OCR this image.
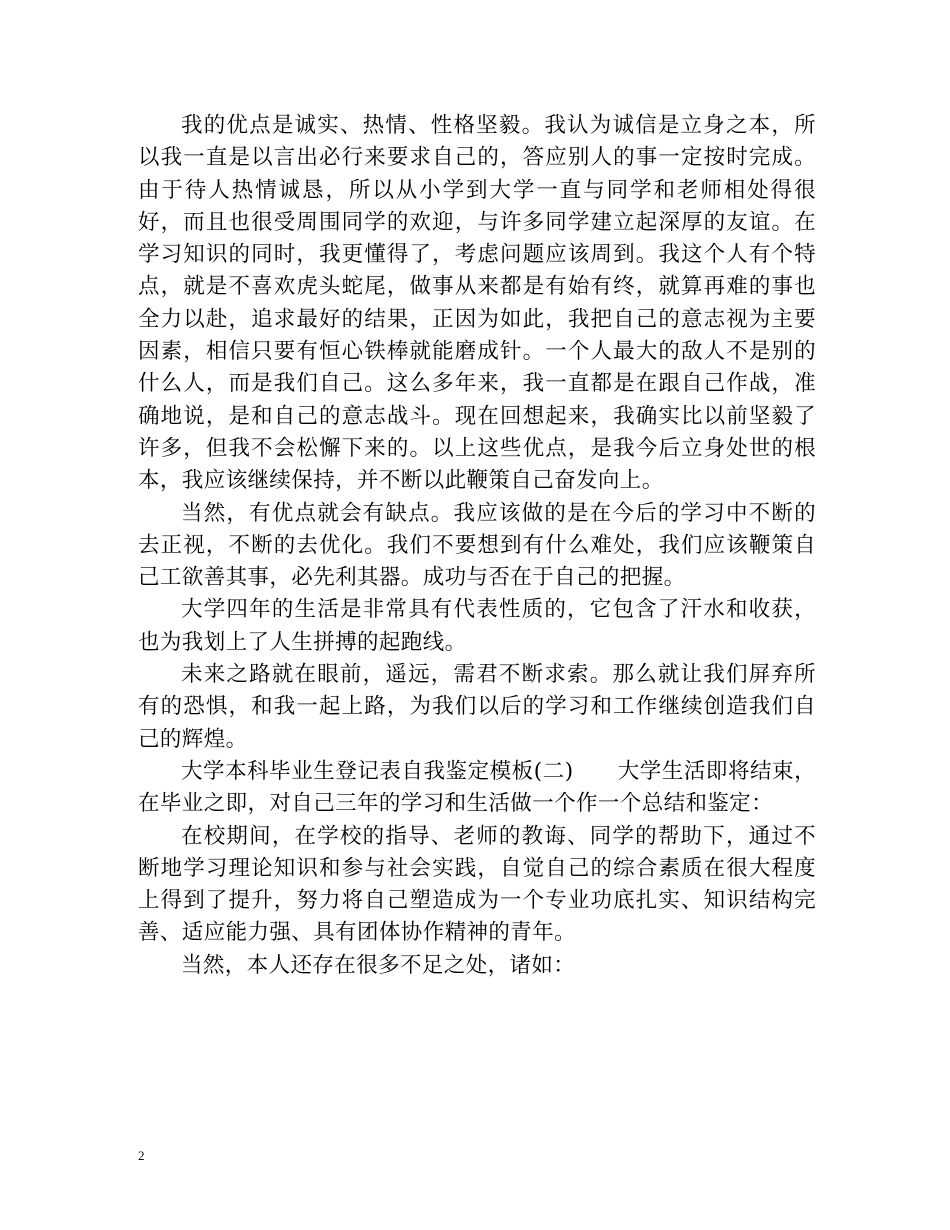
我的优点是诚实、热情、性格坚毅。我认为诚信是立身之本，所以我一直是以言出必行来要求自己的，答应别人的事一定按时完成。由于待人热情诚恳，所以从小学到大学一直与同学和老师相处得很好，而且也很受周围同学的欢迎，与许多同学建立起深厚的友谊。在学习知识的同时，我更懂得了，考虑问题应该周到。我这个人有个特点，就是不喜欢虎头蛇尾，做事从来都是有始有终，就算再难的事也全力以赴，追求最好的结果，正因为如此，我把自己的意志视为主要因素，相信只要有恒心铁棒就能磨成针。一个人最大的敌人不是别的什么人，而是我们自己。这么多年来，我一直都是在跟自己作战，准确地说，是和自己的意志战斗。现在回想起来，我确实比以前坚毅了许多，但我不会松懈下来的。以上这些优点，是我今后立身处世的根本，我应该继续保持，并不断以此鞭策自己奋发向上。

当然，有优点就会有缺点。我应该做的是在今后的学习中不断的去正视，不断的去优化。我们不要想到有什么难处，我们应该鞭策自己工欲善其事，必先利其器。成功与否在于自己的把握。

大学四年的生活是非常具有代表性质的，它包含了汗水和收获，也为我划上了人生拼搏的起跑线。

未来之路就在眼前，遥远，需君不断求索。那么就让我们屏弃所有的恐惧，和我一起上路，为我们以后的学习和工作继续创造我们自己的辉煌。

大学本科毕业生登记表自我鉴定模板(二)　　大学生活即将结束，在毕业之即，对自己三年的学习和生活做一个作一个总结和鉴定：

在校期间，在学校的指导、老师的教诲、同学的帮助下，通过不断地学习理论知识和参与社会实践，自觉自己的综合素质在很大程度上得到了提升，努力将自己塑造成为一个专业功底扎实、知识结构完善、适应能力强、具有团体协作精神的青年。

当然，本人还存在很多不足之处，诸如：

2
